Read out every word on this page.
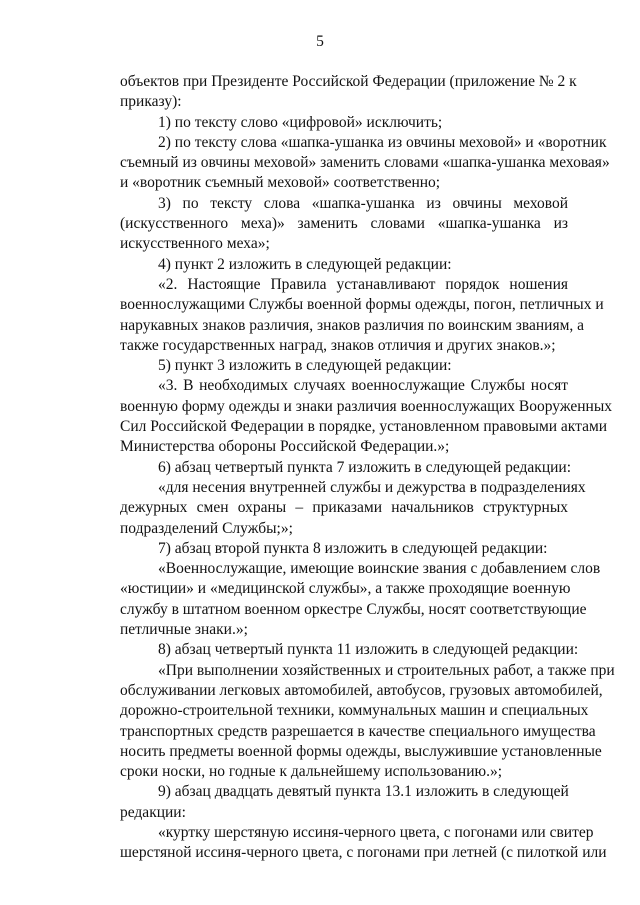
5
объектов при Президенте Российской Федерации (приложение № 2 к
приказу):
1) по тексту слово «цифровой» исключить;
2) по тексту слова «шапка-ушанка из овчины меховой» и «воротник
съемный из овчины меховой» заменить словами «шапка-ушанка меховая»
и «воротник съемный меховой» соответственно;
3) по тексту слова «шапка-ушанка из овчины меховой
(искусственного меха)» заменить словами «шапка-ушанка из
искусственного меха»;
4) пункт 2 изложить в следующей редакции:
«2. Настоящие Правила устанавливают порядок ношения
военнослужащими Службы военной формы одежды, погон, петличных и
нарукавных знаков различия, знаков различия по воинским званиям, а
также государственных наград, знаков отличия и других знаков.»;
5) пункт 3 изложить в следующей редакции:
«3. В необходимых случаях военнослужащие Службы носят
военную форму одежды и знаки различия военнослужащих Вооруженных
Сил Российской Федерации в порядке, установленном правовыми актами
Министерства обороны Российской Федерации.»;
6) абзац четвертый пункта 7 изложить в следующей редакции:
«для несения внутренней службы и дежурства в подразделениях
дежурных смен охраны – приказами начальников структурных
подразделений Службы;»;
7) абзац второй пункта 8 изложить в следующей редакции:
«Военнослужащие, имеющие воинские звания с добавлением слов
«юстиции» и «медицинской службы», а также проходящие военную
службу в штатном военном оркестре Службы, носят соответствующие
петличные знаки.»;
8) абзац четвертый пункта 11 изложить в следующей редакции:
«При выполнении хозяйственных и строительных работ, а также при
обслуживании легковых автомобилей, автобусов, грузовых автомобилей,
дорожно-строительной техники, коммунальных машин и специальных
транспортных средств разрешается в качестве специального имущества
носить предметы военной формы одежды, выслужившие установленные
сроки носки, но годные к дальнейшему использованию.»;
9) абзац двадцать девятый пункта 13.1 изложить в следующей
редакции:
«куртку шерстяную иссиня-черного цвета, с погонами или свитер
шерстяной иссиня-черного цвета, с погонами при летней (с пилоткой или
